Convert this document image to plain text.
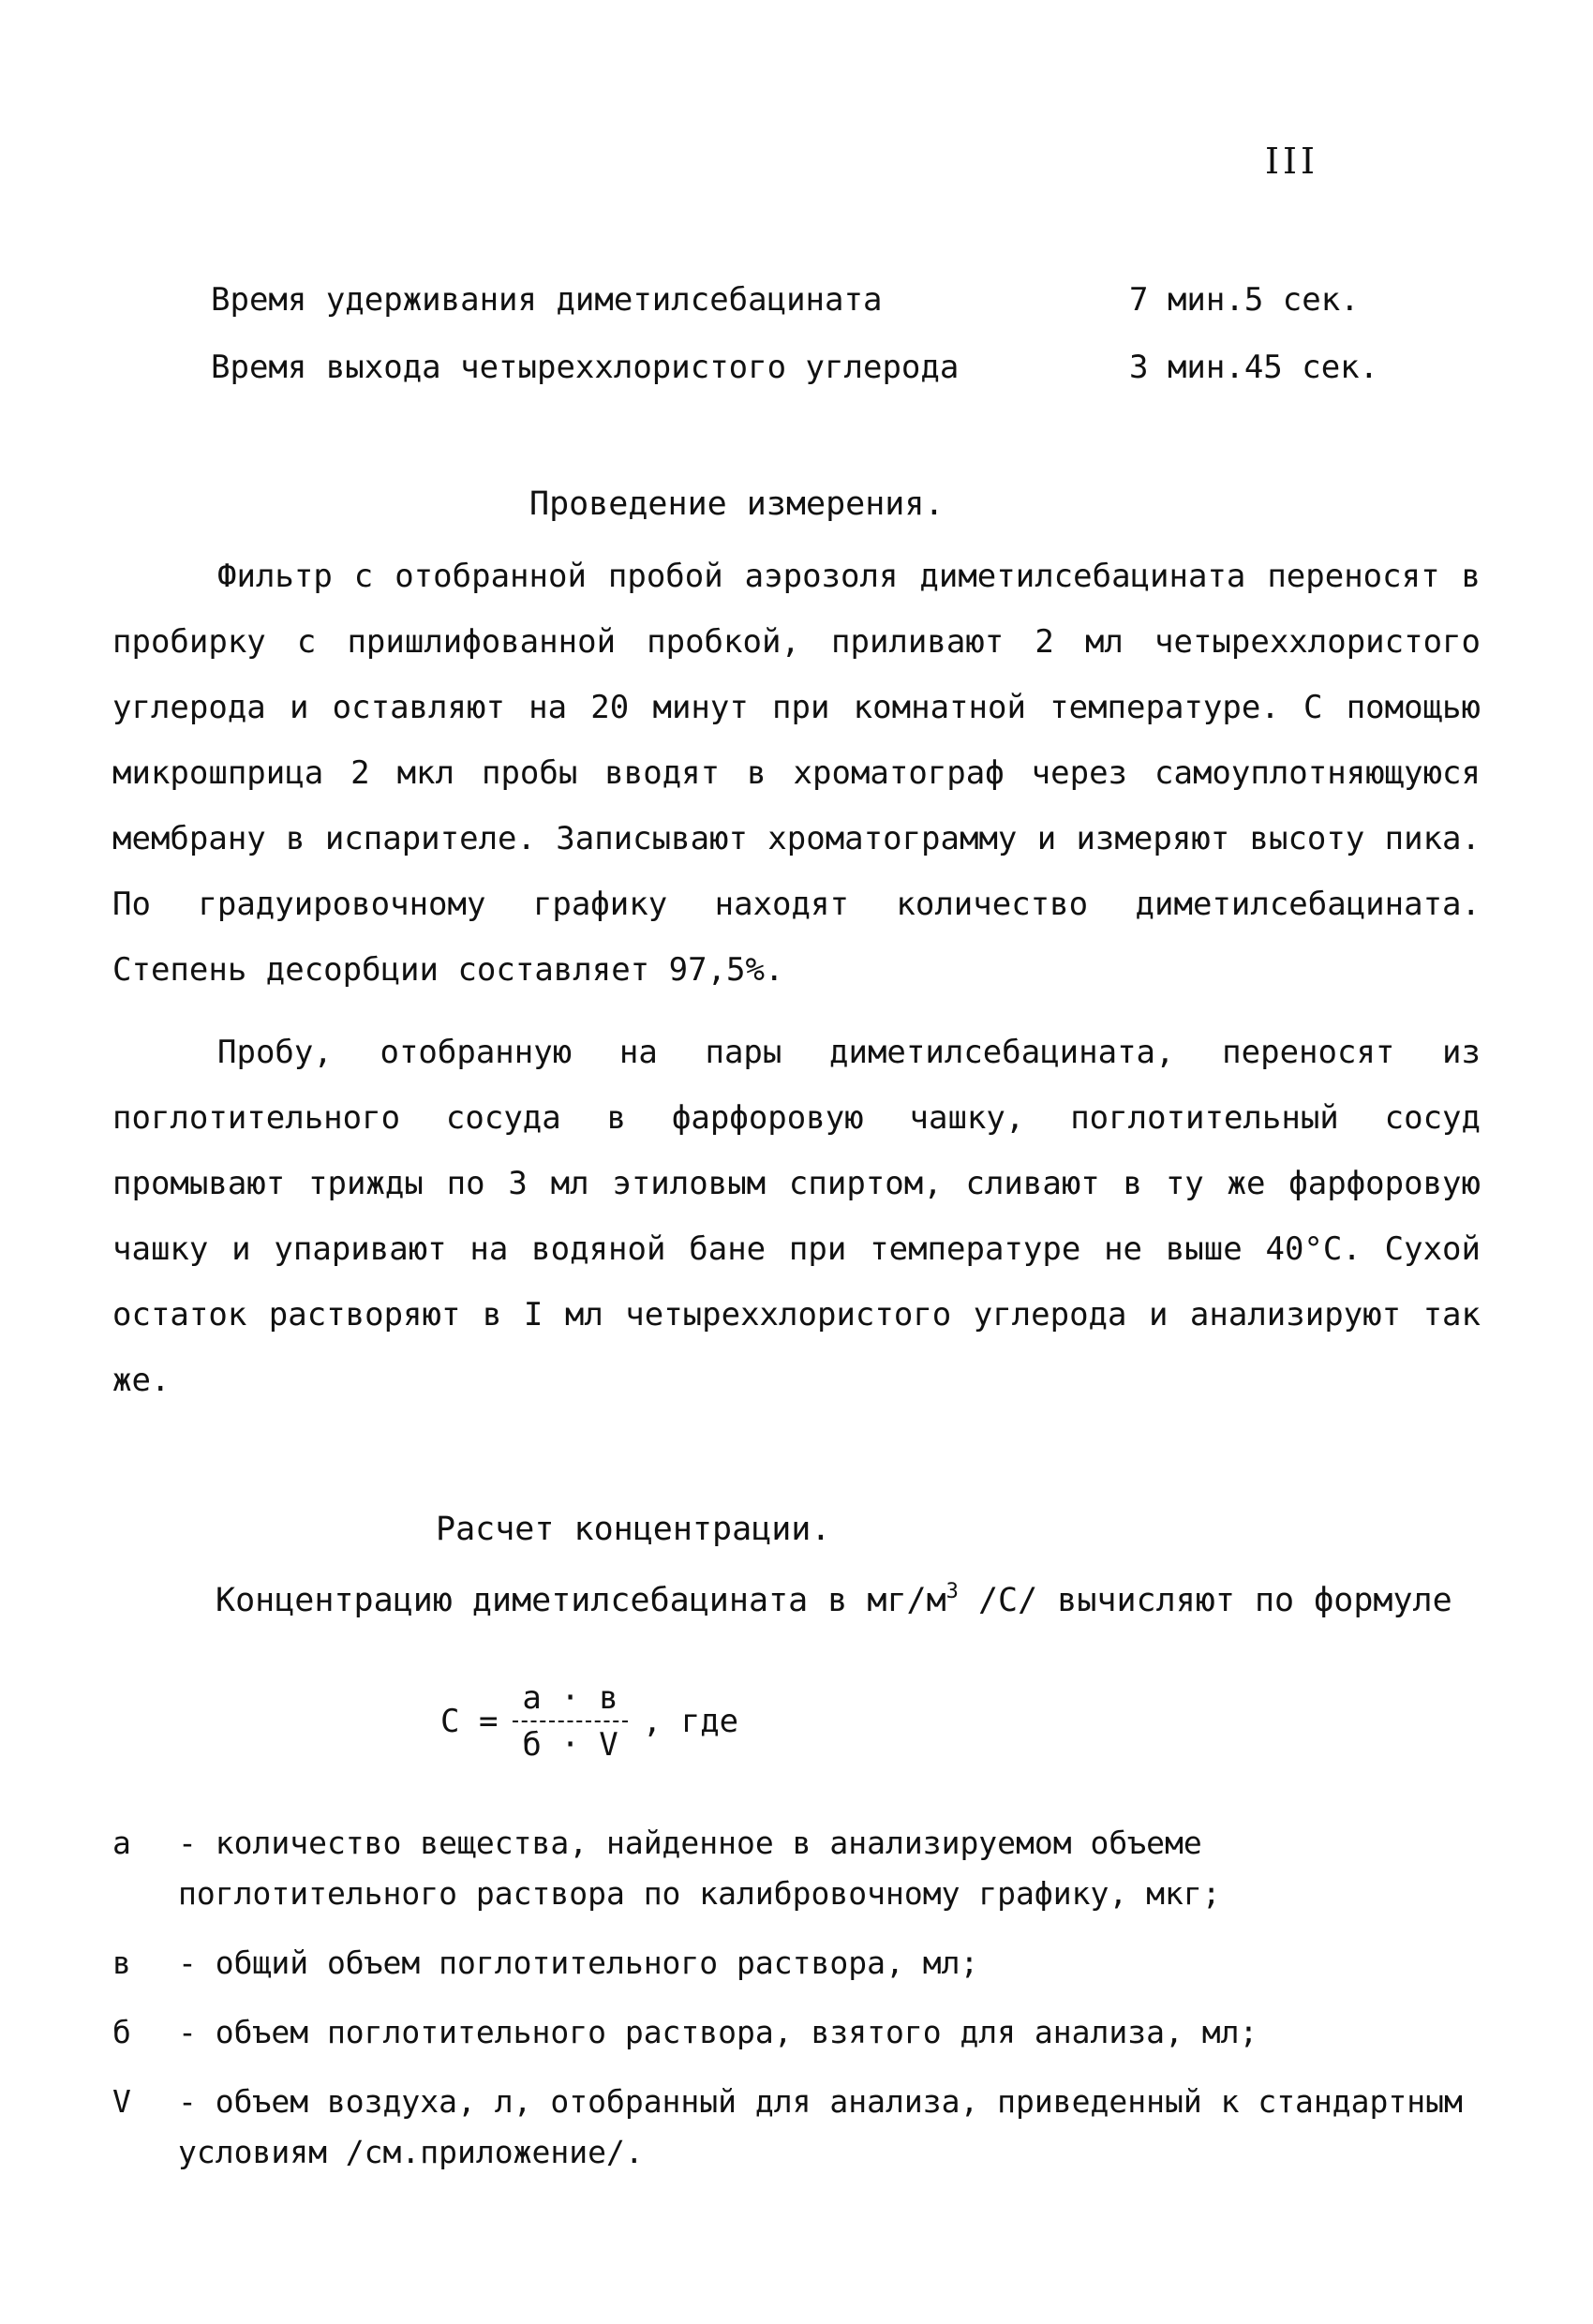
III
Время удерживания диметилсебацината	7 мин.5 сек.
Время выхода четыреххлористого углерода	3 мин.45 сек.
Проведение измерения.
Фильтр с отобранной пробой аэрозоля диметилсебацината переносят в пробирку с пришлифованной пробкой, приливают 2 мл четыреххлористого углерода и оставляют на 20 минут при комнатной температуре. С помощью микрошприца 2 мкл пробы вводят в хроматограф через самоуплотняющуюся мембрану в испарителе. Записывают хроматограмму и измеряют высоту пика. По градуировочному графику находят количество диметилсебацината. Степень десорбции составляет 97,5%.
Пробу, отобранную на пары диметилсебацината, переносят из поглотительного сосуда в фарфоровую чашку, поглотительный сосуд промывают трижды по 3 мл этиловым спиртом, сливают в ту же фарфоровую чашку и упаривают на водяной бане при температуре не выше 40°С. Сухой остаток растворяют в I мл четыреххлористого углерода и анализируют так же.
Расчет концентрации.
Концентрацию диметилсебацината в $мг/м^3$ /С/ вычисляют по формуле
$С = \frac{а \cdot в}{б \cdot V}$ , где
а - количество вещества, найденное в анализируемом объеме поглотительного раствора по калибровочному графику, мкг;
в - общий объем поглотительного раствора, мл;
б - объем поглотительного раствора, взятого для анализа, мл;
V - объем воздуха, л, отобранный для анализа, приведенный к стандартным условиям /см.приложение/.
